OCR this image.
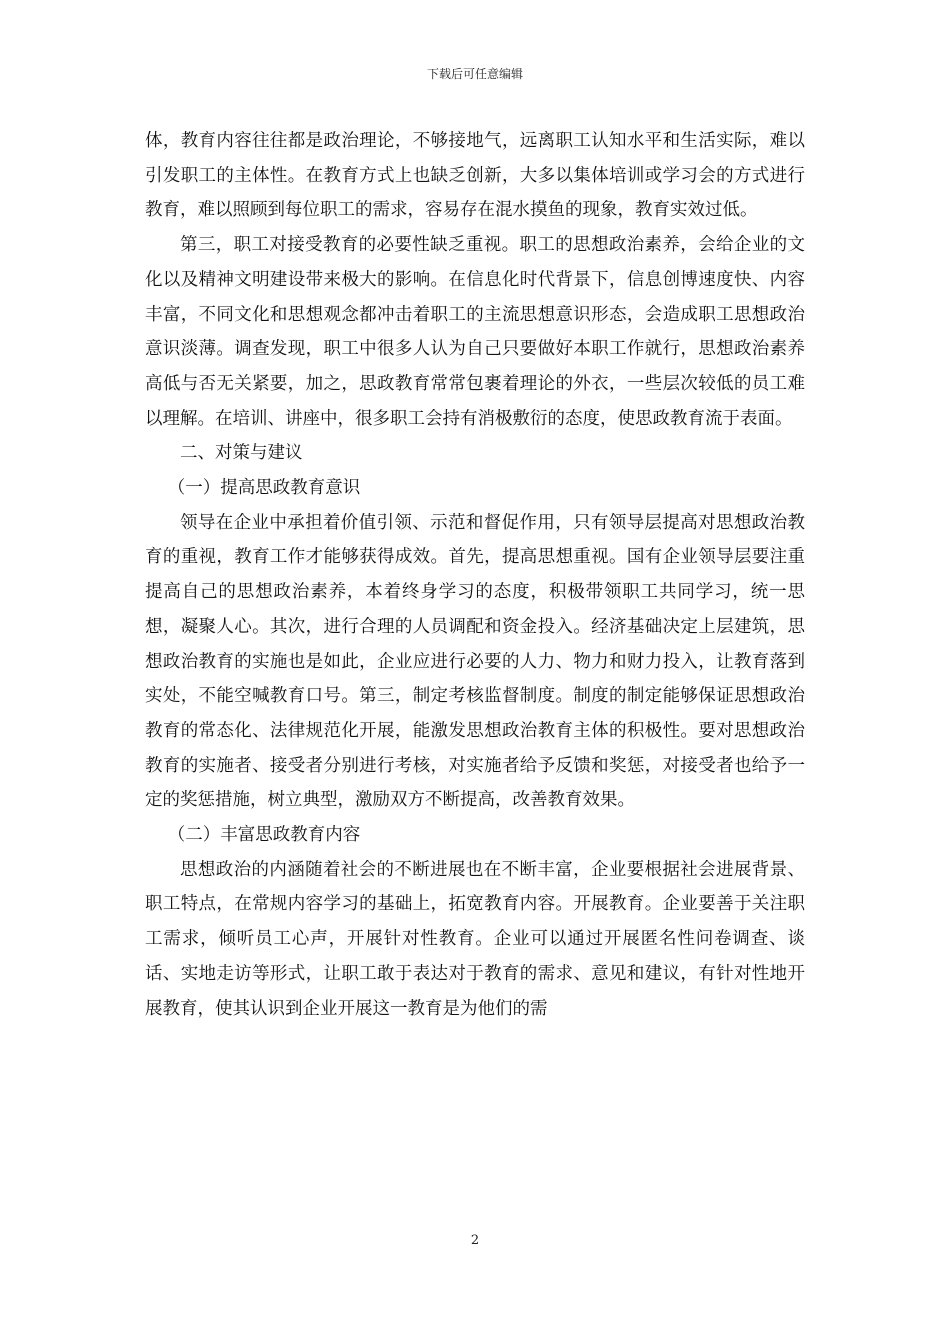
下载后可任意编辑

体，教育内容往往都是政治理论，不够接地气，远离职工认知水平和生活实际，难以引发职工的主体性。在教育方式上也缺乏创新，大多以集体培训或学习会的方式进行教育，难以照顾到每位职工的需求，容易存在混水摸鱼的现象，教育实效过低。

第三，职工对接受教育的必要性缺乏重视。职工的思想政治素养，会给企业的文化以及精神文明建设带来极大的影响。在信息化时代背景下，信息创博速度快、内容丰富，不同文化和思想观念都冲击着职工的主流思想意识形态，会造成职工思想政治意识淡薄。调查发现，职工中很多人认为自己只要做好本职工作就行，思想政治素养高低与否无关紧要，加之，思政教育常常包裹着理论的外衣，一些层次较低的员工难以理解。在培训、讲座中，很多职工会持有消极敷衍的态度，使思政教育流于表面。

二、对策与建议

（一）提高思政教育意识

领导在企业中承担着价值引领、示范和督促作用，只有领导层提高对思想政治教育的重视，教育工作才能够获得成效。首先，提高思想重视。国有企业领导层要注重提高自己的思想政治素养，本着终身学习的态度，积极带领职工共同学习，统一思想，凝聚人心。其次，进行合理的人员调配和资金投入。经济基础决定上层建筑，思想政治教育的实施也是如此，企业应进行必要的人力、物力和财力投入，让教育落到实处，不能空喊教育口号。第三，制定考核监督制度。制度的制定能够保证思想政治教育的常态化、法律规范化开展，能激发思想政治教育主体的积极性。要对思想政治教育的实施者、接受者分别进行考核，对实施者给予反馈和奖惩，对接受者也给予一定的奖惩措施，树立典型，激励双方不断提高，改善教育效果。

（二）丰富思政教育内容

思想政治的内涵随着社会的不断进展也在不断丰富，企业要根据社会进展背景、职工特点，在常规内容学习的基础上，拓宽教育内容。开展教育。企业要善于关注职工需求，倾听员工心声，开展针对性教育。企业可以通过开展匿名性问卷调查、谈话、实地走访等形式，让职工敢于表达对于教育的需求、意见和建议，有针对性地开展教育，使其认识到企业开展这一教育是为他们的需

2
